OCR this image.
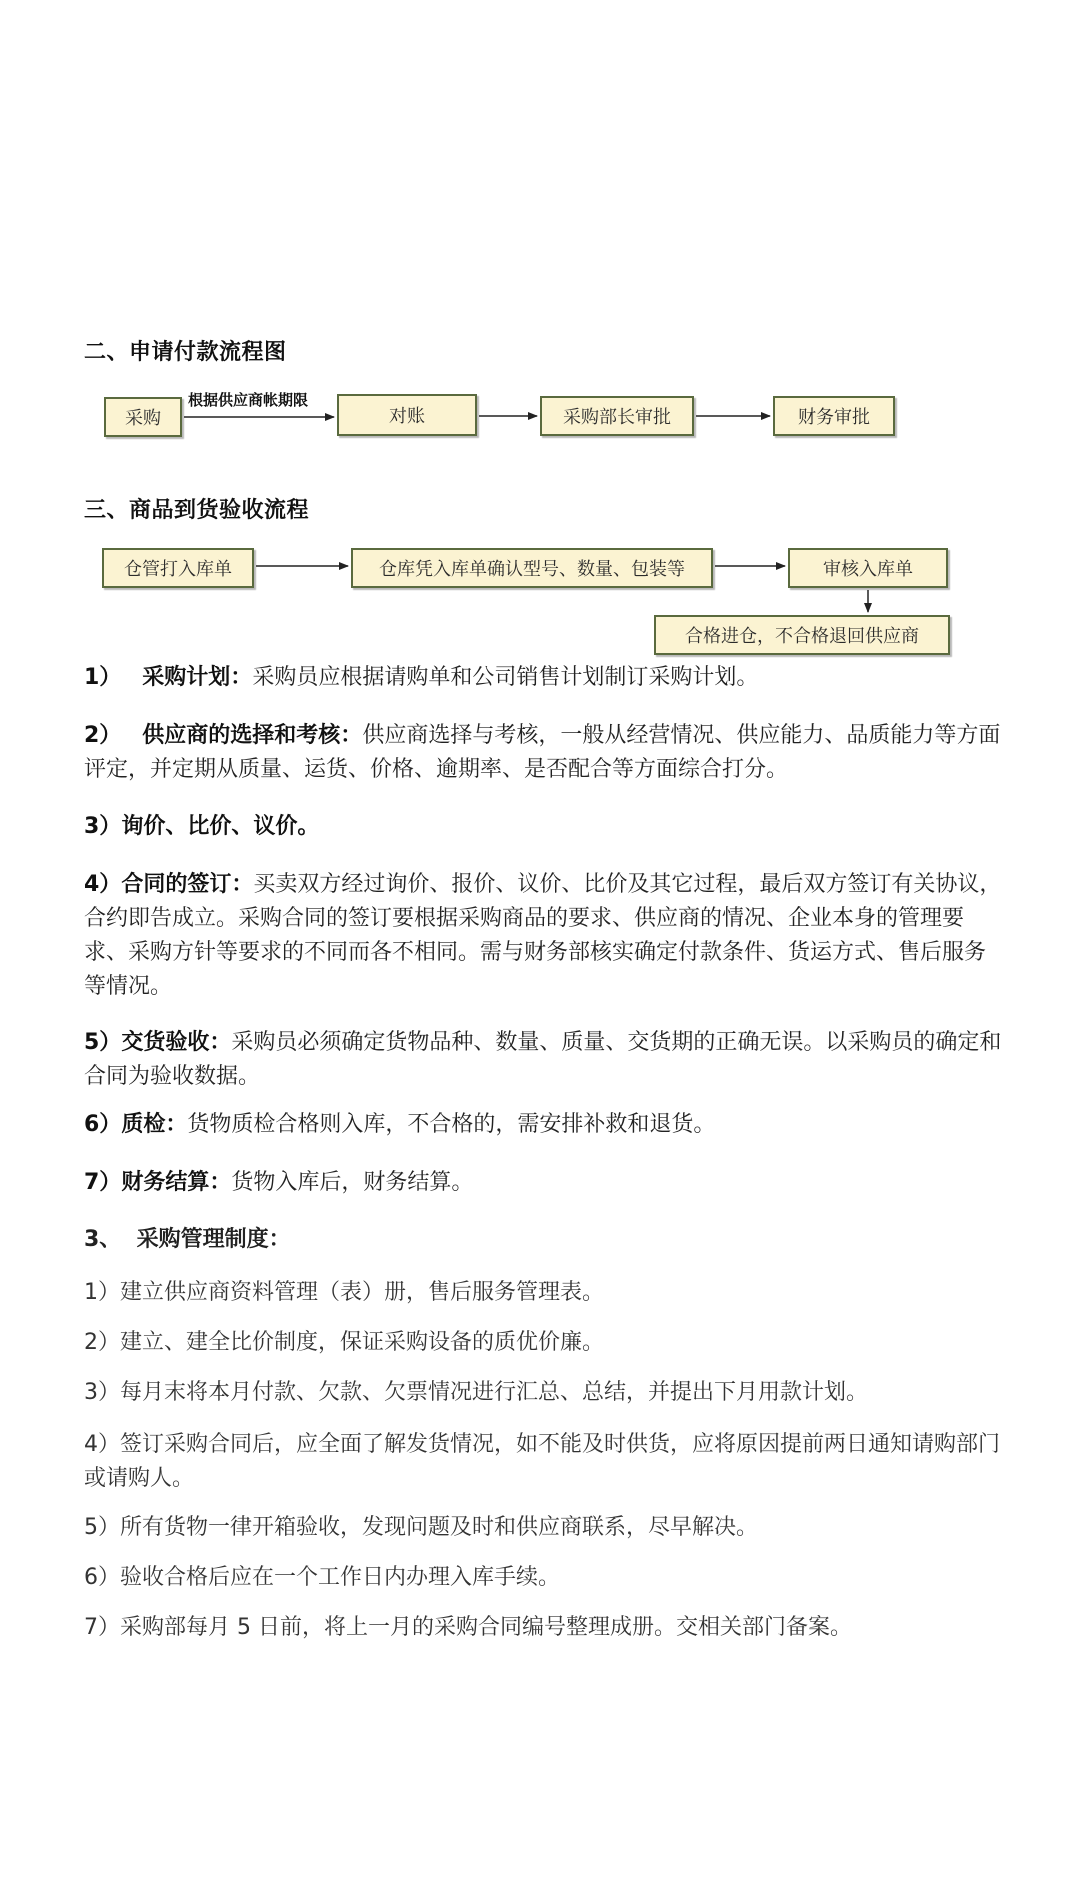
二、申请付款流程图
采购
根据供应商帐期限
对账	采购部长审批	财务审批
三、商品到货验收流程
仓管打入库单	仓库凭入库单确认型号、数量、包装等	审核入库单
合格进仓，不合格退回供应商

1） 采购计划：采购员应根据请购单和公司销售计划制订采购计划。

2） 供应商的选择和考核：供应商选择与考核，一般从经营情况、供应能力、品质能力等方面评定，并定期从质量、运货、价格、逾期率、是否配合等方面综合打分。

3）询价、比价、议价。

4）合同的签订：买卖双方经过询价、报价、议价、比价及其它过程，最后双方签订有关协议，合约即告成立。采购合同的签订要根据采购商品的要求、供应商的情况、企业本身的管理要求、采购方针等要求的不同而各不相同。需与财务部核实确定付款条件、货运方式、售后服务等情况。

5）交货验收：采购员必须确定货物品种、数量、质量、交货期的正确无误。以采购员的确定和合同为验收数据。

6）质检：货物质检合格则入库，不合格的，需安排补救和退货。

7）财务结算：货物入库后，财务结算。

3、  采购管理制度：

1）建立供应商资料管理（表）册，售后服务管理表。

2）建立、建全比价制度，保证采购设备的质优价廉。

3）每月末将本月付款、欠款、欠票情况进行汇总、总结，并提出下月用款计划。

4）签订采购合同后，应全面了解发货情况，如不能及时供货，应将原因提前两日通知请购部门或请购人。

5）所有货物一律开箱验收，发现问题及时和供应商联系，尽早解决。

6）验收合格后应在一个工作日内办理入库手续。

7）采购部每月 5 日前，将上一月的采购合同编号整理成册。交相关部门备案。
